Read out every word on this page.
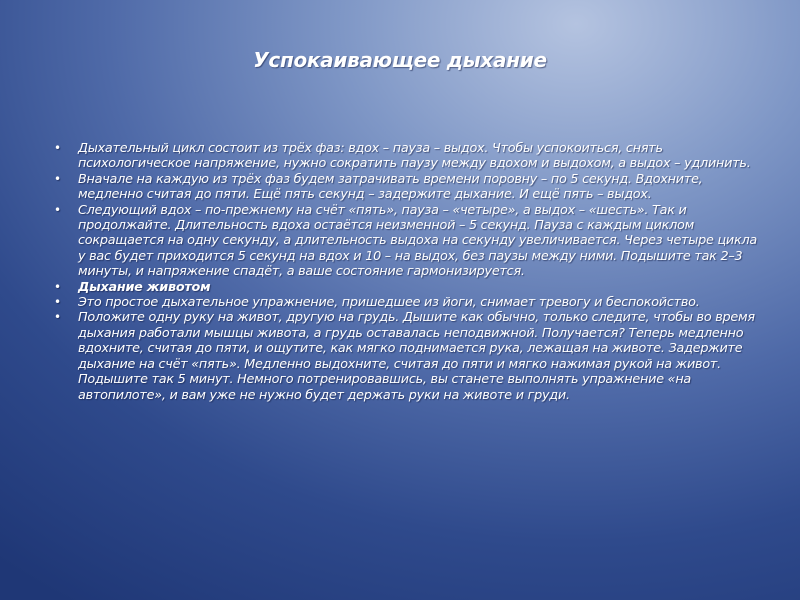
Успокаивающее дыхание
• Дыхательный цикл состоит из трёх фаз: вдох – пауза – выдох. Чтобы успокоиться, снять психологическое напряжение, нужно сократить паузу между вдохом и выдохом, а выдох – удлинить.
• Вначале на каждую из трёх фаз будем затрачивать времени поровну – по 5 секунд. Вдохните, медленно считая до пяти. Ещё пять секунд – задержите дыхание. И ещё пять – выдох.
• Следующий вдох – по-прежнему на счёт «пять», пауза – «четыре», а выдох – «шесть». Так и продолжайте. Длительность вдоха остаётся неизменной – 5 секунд. Пауза с каждым циклом сокращается на одну секунду, а длительность выдоха на секунду увеличивается. Через четыре цикла у вас будет приходится 5 секунд на вдох и 10 – на выдох, без паузы между ними. Подышите так 2–3 минуты, и напряжение спадёт, а ваше состояние гармонизируется.
• Дыхание животом
• Это простое дыхательное упражнение, пришедшее из йоги, снимает тревогу и беспокойство.
• Положите одну руку на живот, другую на грудь. Дышите как обычно, только следите, чтобы во время дыхания работали мышцы живота, а грудь оставалась неподвижной. Получается? Теперь медленно вдохните, считая до пяти, и ощутите, как мягко поднимается рука, лежащая на животе. Задержите дыхание на счёт «пять». Медленно выдохните, считая до пяти и мягко нажимая рукой на живот. Подышите так 5 минут. Немного потренировавшись, вы станете выполнять упражнение «на автопилоте», и вам уже не нужно будет держать руки на животе и груди.
